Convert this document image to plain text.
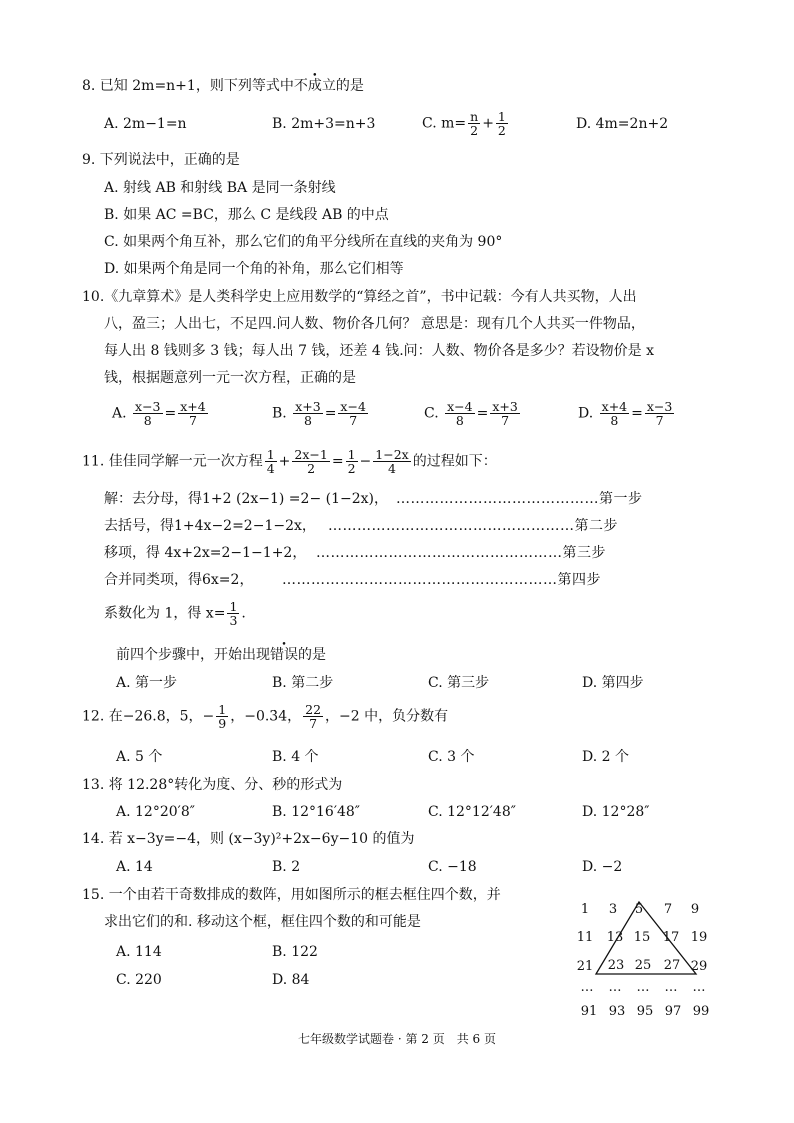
8. 已知 2m=n+1，则下列等式中不成立的是
A. 2m−1=n	B. 2m+3=n+3	C. $m= \frac{n}{2} + \frac{1}{2}$	D. 4m=2n+2
9. 下列说法中，正确的是
A. 射线 AB 和射线 BA 是同一条射线
B. 如果 AC =BC，那么 C 是线段 AB 的中点
C. 如果两个角互补，那么它们的角平分线所在直线的夹角为 90°
D. 如果两个角是同一个角的补角，那么它们相等
10.《九章算术》是人类科学史上应用数学的“算经之首”，书中记载：今有人共买物，人出
八，盈三；人出七，不足四.问人数、物价各几何？ 意思是：现有几个人共买一件物品，
每人出 8 钱则多 3 钱；每人出 7 钱，还差 4 钱.问：人数、物价各是多少？若设物价是 x
钱，根据题意列一元一次方程，正确的是
A. $\frac{x-3}{8} = \frac{x+4}{7}$	B. $\frac{x+3}{8} = \frac{x-4}{7}$	C. $\frac{x-4}{8} = \frac{x+3}{7}$	D. $\frac{x+4}{8} = \frac{x-3}{7}$
11. 佳佳同学解一元一次方程 $\frac{1}{4} + \frac{2x-1}{2} = \frac{1}{2} - \frac{1-2x}{4}$ 的过程如下：
解：去分母，得1+2 (2x−1) =2− (1−2x)， ……………………………………第一步
去括号，得1+4x−2=2−1−2x， ……………………………………………第二步
移项，得 4x+2x=2−1−1+2， ……………………………………………第三步
合并同类项，得6x=2， …………………………………………………第四步
系数化为 1，得 $x= \frac{1}{3}$ .
前四个步骤中，开始出现错误的是
A. 第一步	B. 第二步	C. 第三步	D. 第四步
12. 在−26.8，5，− $\frac{1}{9}$ ，−0.3̇4̇， $\frac{22}{7}$ ，−2 中，负分数有
A. 5 个	B. 4 个	C. 3 个	D. 2 个
13. 将 12.28°转化为度、分、秒的形式为
A. 12°20′8″	B. 12°16′48″	C. 12°12′48″	D. 12°28″
14. 若 x−3y=−4，则 (x−3y)²+2x−6y−10 的值为
A. 14	B. 2	C. −18	D. −2
15. 一个由若干奇数排成的数阵，用如图所示的框去框住四个数，并
求出它们的和. 移动这个框，框住四个数的和可能是
A. 114	B. 122
C. 220	D. 84
1	3	5	7	9
11 13 15 17 19
21 23 25 27 29
…	…	…	…	…
91 93 95 97 99
七年级数学试题卷 · 第 2 页　共 6 页
